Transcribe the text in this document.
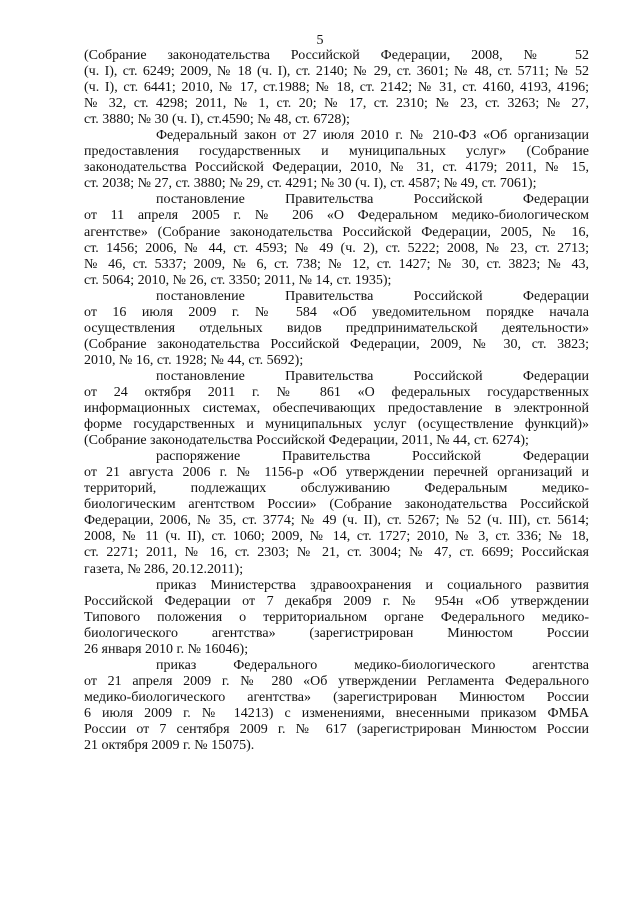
5
(Собрание законодательства Российской Федерации, 2008, № 52
(ч. I), ст. 6249; 2009, № 18 (ч. I), ст. 2140; № 29, ст. 3601; № 48, ст. 5711; № 52
(ч. I), ст. 6441; 2010, № 17, ст.1988; № 18, ст. 2142; № 31, ст. 4160, 4193, 4196;
№ 32, ст. 4298; 2011, № 1, ст. 20; № 17, ст. 2310; № 23, ст. 3263; № 27,
ст. 3880; № 30 (ч. I), ст.4590; № 48, ст. 6728);
Федеральный закон от 27 июля 2010 г. № 210-ФЗ «Об организации
предоставления государственных и муниципальных услуг» (Собрание
законодательства Российской Федерации, 2010, № 31, ст. 4179; 2011, № 15,
ст. 2038; № 27, ст. 3880; № 29, ст. 4291; № 30 (ч. I), ст. 4587; № 49, ст. 7061);
постановление Правительства Российской Федерации
от 11 апреля 2005 г. № 206 «О Федеральном медико-биологическом
агентстве» (Собрание законодательства Российской Федерации, 2005, № 16,
ст. 1456; 2006, № 44, ст. 4593; № 49 (ч. 2), ст. 5222; 2008, № 23, ст. 2713;
№ 46, ст. 5337; 2009, № 6, ст. 738; № 12, ст. 1427; № 30, ст. 3823; № 43,
ст. 5064; 2010, № 26, ст. 3350; 2011, № 14, ст. 1935);
постановление Правительства Российской Федерации
от 16 июля 2009 г. № 584 «Об уведомительном порядке начала
осуществления отдельных видов предпринимательской деятельности»
(Собрание законодательства Российской Федерации, 2009, № 30, ст. 3823;
2010, № 16, ст. 1928; № 44, ст. 5692);
постановление Правительства Российской Федерации
от 24 октября 2011 г. № 861 «О федеральных государственных
информационных системах, обеспечивающих предоставление в электронной
форме государственных и муниципальных услуг (осуществление функций)»
(Собрание законодательства Российской Федерации, 2011, № 44, ст. 6274);
распоряжение Правительства Российской Федерации
от 21 августа 2006 г. № 1156-р «Об утверждении перечней организаций и
территорий, подлежащих обслуживанию Федеральным медико-
биологическим агентством России» (Собрание законодательства Российской
Федерации, 2006, № 35, ст. 3774; № 49 (ч. II), ст. 5267; № 52 (ч. III), ст. 5614;
2008, № 11 (ч. II), ст. 1060; 2009, № 14, ст. 1727; 2010, № 3, ст. 336; № 18,
ст. 2271; 2011, № 16, ст. 2303; № 21, ст. 3004; № 47, ст. 6699; Российская
газета, № 286, 20.12.2011);
приказ Министерства здравоохранения и социального развития
Российской Федерации от 7 декабря 2009 г. № 954н «Об утверждении
Типового положения о территориальном органе Федерального медико-
биологического агентства» (зарегистрирован Минюстом России
26 января 2010 г. № 16046);
приказ Федерального медико-биологического агентства
от 21 апреля 2009 г. № 280 «Об утверждении Регламента Федерального
медико-биологического агентства» (зарегистрирован Минюстом России
6 июля 2009 г. № 14213) с изменениями, внесенными приказом ФМБА
России от 7 сентября 2009 г. № 617 (зарегистрирован Минюстом России
21 октября 2009 г. № 15075).
